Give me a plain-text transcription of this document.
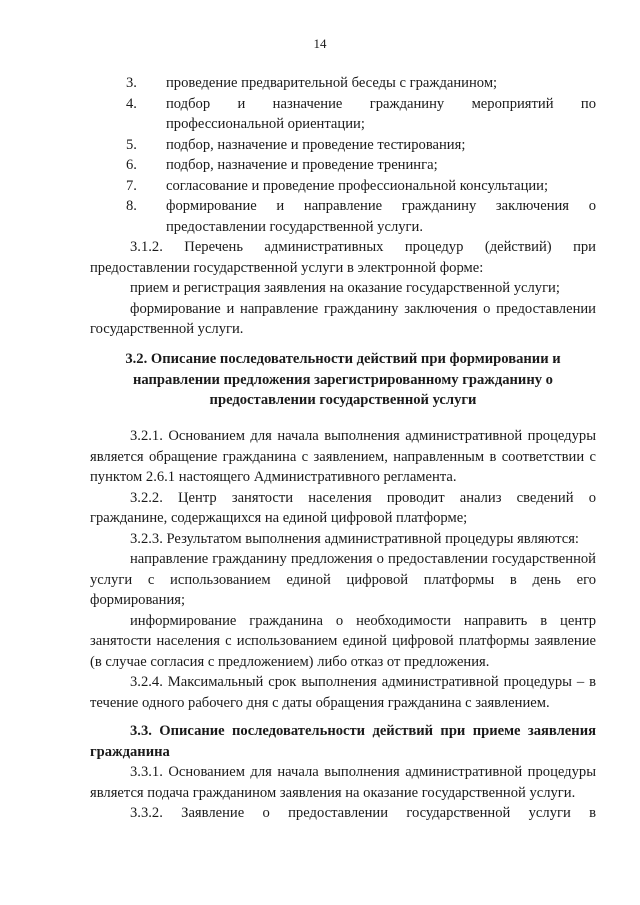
14
3.	проведение предварительной беседы с гражданином;
4.	подбор и назначение гражданину мероприятий по профессиональной ориентации;
5.	подбор, назначение и проведение тестирования;
6.	подбор, назначение и проведение тренинга;
7.	согласование и проведение профессиональной консультации;
8.	формирование и направление гражданину заключения о предоставлении государственной услуги.

3.1.2. Перечень административных процедур (действий) при предоставлении государственной услуги в электронной форме:

прием и регистрация заявления на оказание государственной услуги;

формирование и направление гражданину заключения о предоставлении государственной услуги.

3.2. Описание последовательности действий при формировании и направлении предложения зарегистрированному гражданину о предоставлении государственной услуги

3.2.1. Основанием для начала выполнения административной процедуры является обращение гражданина с заявлением, направленным в соответствии с пунктом 2.6.1 настоящего Административного регламента.

3.2.2. Центр занятости населения проводит анализ сведений о гражданине, содержащихся на единой цифровой платформе;

3.2.3. Результатом выполнения административной процедуры являются:

направление гражданину предложения о предоставлении государственной услуги с использованием единой цифровой платформы в день его формирования;

информирование гражданина о необходимости направить в центр занятости населения с использованием единой цифровой платформы заявление (в случае согласия с предложением) либо отказ от предложения.

3.2.4. Максимальный срок выполнения административной процедуры – в течение одного рабочего дня с даты обращения гражданина с заявлением.

3.3. Описание последовательности действий при приеме заявления гражданина

3.3.1. Основанием для начала выполнения административной процедуры является подача гражданином заявления на оказание государственной услуги.

3.3.2. Заявление о предоставлении государственной услуги в
